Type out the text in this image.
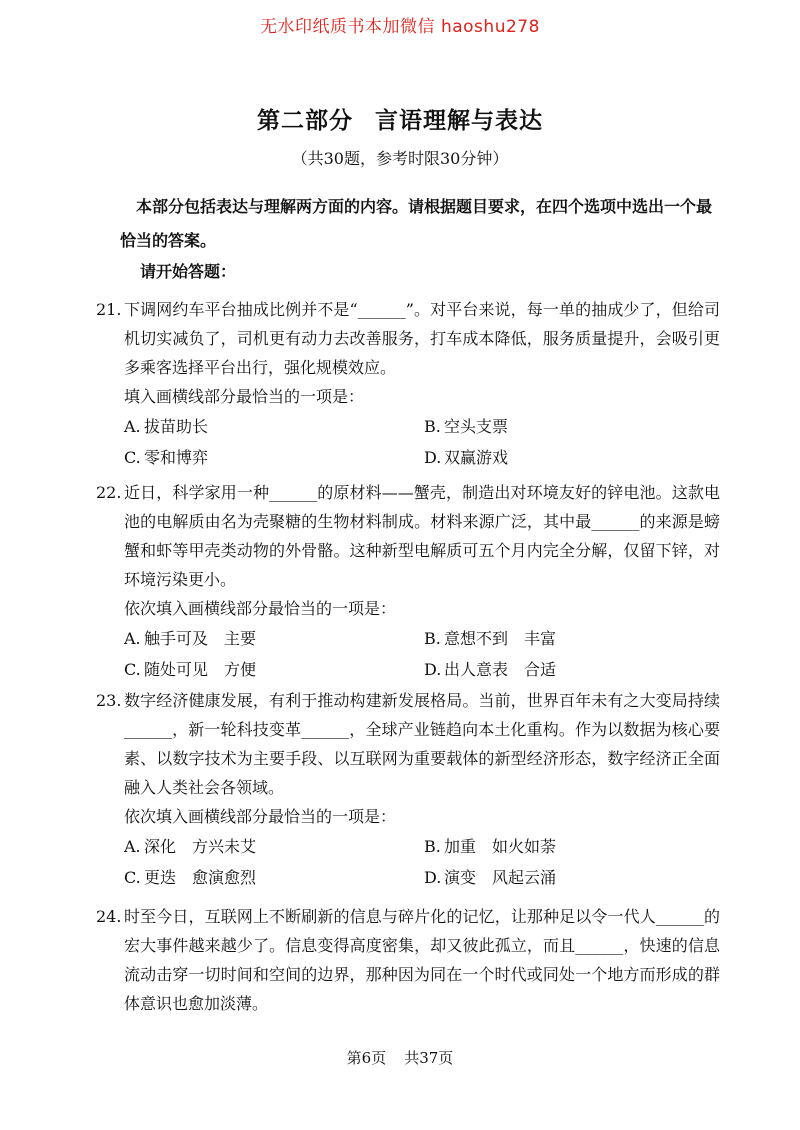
无水印纸质书本加微信 haoshu278
第二部分 言语理解与表达
（共30题，参考时限30分钟）
本部分包括表达与理解两方面的内容。请根据题目要求，在四个选项中选出一个最恰当的答案。
请开始答题：
21. 下调网约车平台抽成比例并不是“______”。对平台来说，每一单的抽成少了，但给司机切实减负了，司机更有动力去改善服务，打车成本降低，服务质量提升，会吸引更多乘客选择平台出行，强化规模效应。
填入画横线部分最恰当的一项是：
A. 拔苗助长	B. 空头支票
C. 零和博弈	D. 双赢游戏
22. 近日，科学家用一种______的原材料——蟹壳，制造出对环境友好的锌电池。这款电池的电解质由名为壳聚糖的生物材料制成。材料来源广泛，其中最______的来源是螃蟹和虾等甲壳类动物的外骨骼。这种新型电解质可五个月内完全分解，仅留下锌，对环境污染更小。
依次填入画横线部分最恰当的一项是：
A. 触手可及　主要	B. 意想不到　丰富
C. 随处可见　方便	D. 出人意表　合适
23. 数字经济健康发展，有利于推动构建新发展格局。当前，世界百年未有之大变局持续______，新一轮科技变革______，全球产业链趋向本土化重构。作为以数据为核心要素、以数字技术为主要手段、以互联网为重要载体的新型经济形态，数字经济正全面融入人类社会各领域。
依次填入画横线部分最恰当的一项是：
A. 深化　方兴未艾	B. 加重　如火如荼
C. 更迭　愈演愈烈	D. 演变　风起云涌
24. 时至今日，互联网上不断刷新的信息与碎片化的记忆，让那种足以令一代人______的宏大事件越来越少了。信息变得高度密集，却又彼此孤立，而且______，快速的信息流动击穿一切时间和空间的边界，那种因为同在一个时代或同处一个地方而形成的群体意识也愈加淡薄。
第6页 共37页
